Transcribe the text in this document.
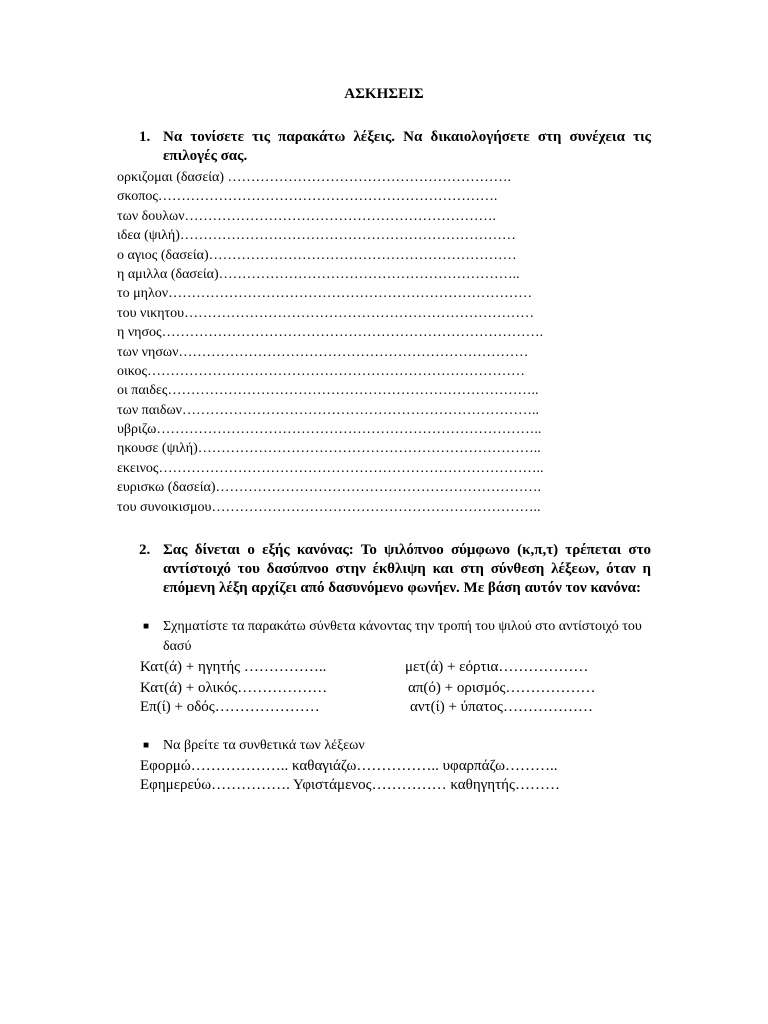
ΑΣΚΗΣΕΙΣ
1. Να τονίσετε τις παρακάτω λέξεις. Να δικαιολογήσετε στη συνέχεια τις επιλογές σας.
ορκιζομαι (δασεία) …………………………………………………….
σκοπος……………………………………………………………….
των δουλων………………………………………………………….
ιδεα (ψιλή)………………………………………………………………
ο αγιος (δασεία)…………………………………………………………
η αμιλλα (δασεία)………………………………………………………..
το μηλον……………………………………………………………………
του νικητου…………………………………………………………………
η νησος……………………………………………………………………….
των νησων…………………………………………………………………
οικος………………………………………………………………………
οι παιδες……………………………………………………………………..
των παιδων…………………………………………………………………..
υβριζω………………………………………………………………………..
ηκουσε (ψιλή)………………………………………………………………..
εκεινος………………………………………………………………………..
ευρισκω (δασεία)…………………………………………………………….
του συνοικισμου……………………………………………………………..
2. Σας δίνεται ο εξής κανόνας: Το ψιλόπνοο σύμφωνο (κ,π,τ) τρέπεται στο αντίστοιχό του δασύπνοο στην έκθλιψη και στη σύνθεση λέξεων, όταν η επόμενη λέξη αρχίζει από δασυνόμενο φωνήεν. Με βάση αυτόν τον κανόνα:
■ Σχηματίστε τα παρακάτω σύνθετα κάνοντας την τροπή του ψιλού στο αντίστοιχό του δασύ
Κατ(ά) + ηγητής ……………..
Κατ(ά) + ολικός………………
Επ(ί) + οδός…………………
μετ(ά) + εόρτια………………
απ(ό) + ορισμός………………
αντ(ί) + ύπατος………………
■ Να βρείτε τα συνθετικά των λέξεων
Εφορμώ……………….. καθαγιάζω…………….. υφαρπάζω………..
Εφημερεύω……………. Υφιστάμενος…………… καθηγητής………
